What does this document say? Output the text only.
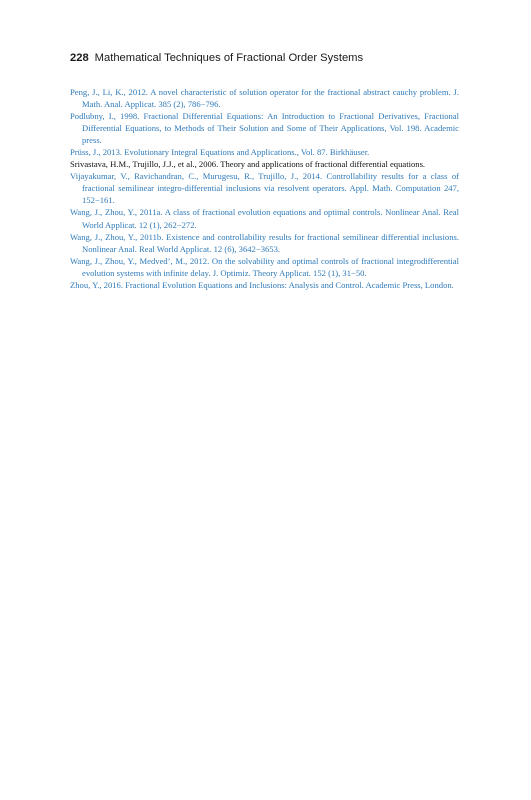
228 Mathematical Techniques of Fractional Order Systems
Peng, J., Li, K., 2012. A novel characteristic of solution operator for the fractional abstract cauchy problem. J. Math. Anal. Applicat. 385 (2), 786−796.
Podlubny, I., 1998. Fractional Differential Equations: An Introduction to Fractional Derivatives, Fractional Differential Equations, to Methods of Their Solution and Some of Their Applications, Vol. 198. Academic press.
Prüss, J., 2013. Evolutionary Integral Equations and Applications., Vol. 87. Birkhäuser.
Srivastava, H.M., Trujillo, J.J., et al., 2006. Theory and applications of fractional differential equations.
Vijayakumar, V., Ravichandran, C., Murugesu, R., Trujillo, J., 2014. Controllability results for a class of fractional semilinear integro-differential inclusions via resolvent operators. Appl. Math. Computation 247, 152−161.
Wang, J., Zhou, Y., 2011a. A class of fractional evolution equations and optimal controls. Nonlinear Anal. Real World Applicat. 12 (1), 262−272.
Wang, J., Zhou, Y., 2011b. Existence and controllability results for fractional semilinear differential inclusions. Nonlinear Anal. Real World Applicat. 12 (6), 3642−3653.
Wang, J., Zhou, Y., Medved’, M., 2012. On the solvability and optimal controls of fractional integrodifferential evolution systems with infinite delay. J. Optimiz. Theory Applicat. 152 (1), 31−50.
Zhou, Y., 2016. Fractional Evolution Equations and Inclusions: Analysis and Control. Academic Press, London.
